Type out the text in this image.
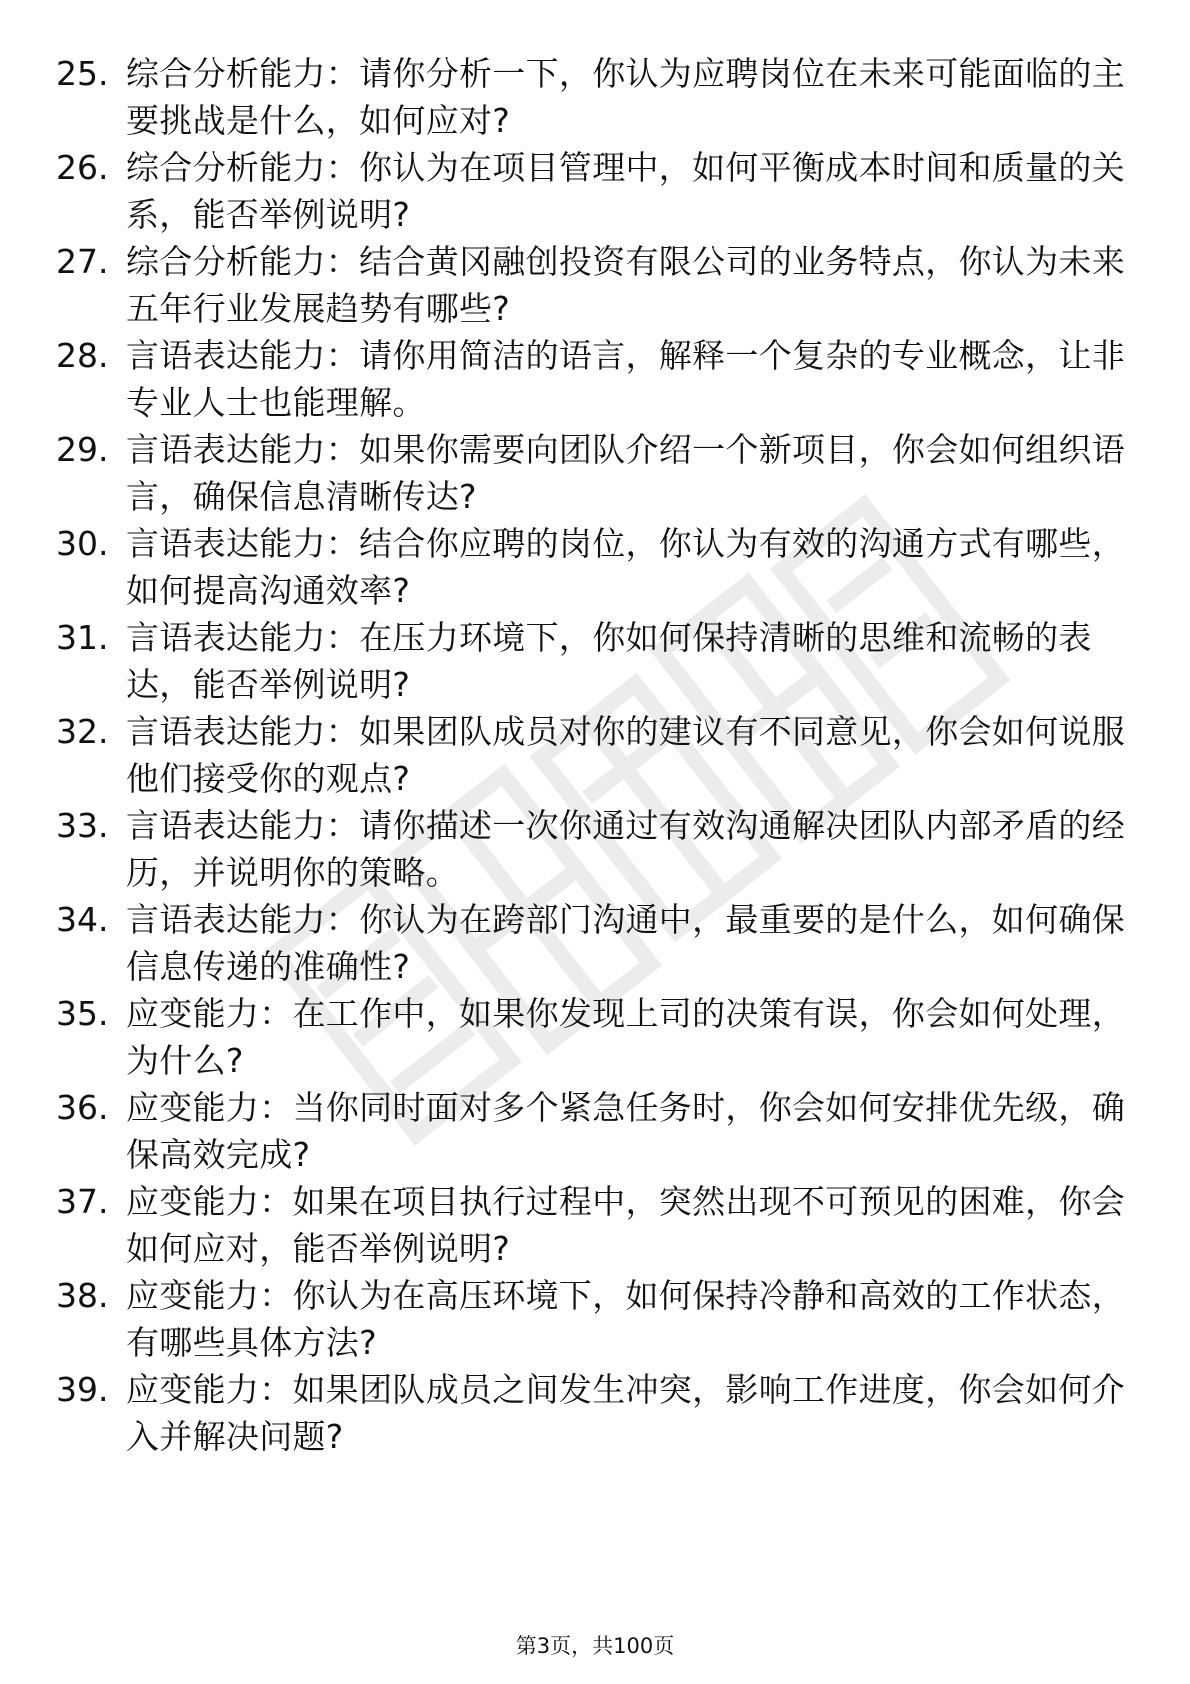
25. 综合分析能力：请你分析一下，你认为应聘岗位在未来可能面临的主要挑战是什么，如何应对?
26. 综合分析能力：你认为在项目管理中，如何平衡成本时间和质量的关系，能否举例说明?
27. 综合分析能力：结合黄冈融创投资有限公司的业务特点，你认为未来五年行业发展趋势有哪些?
28. 言语表达能力：请你用简洁的语言，解释一个复杂的专业概念，让非专业人士也能理解。
29. 言语表达能力：如果你需要向团队介绍一个新项目，你会如何组织语言，确保信息清晰传达?
30. 言语表达能力：结合你应聘的岗位，你认为有效的沟通方式有哪些，如何提高沟通效率?
31. 言语表达能力：在压力环境下，你如何保持清晰的思维和流畅的表达，能否举例说明?
32. 言语表达能力：如果团队成员对你的建议有不同意见，你会如何说服他们接受你的观点?
33. 言语表达能力：请你描述一次你通过有效沟通解决团队内部矛盾的经历，并说明你的策略。
34. 言语表达能力：你认为在跨部门沟通中，最重要的是什么，如何确保信息传递的准确性?
35. 应变能力：在工作中，如果你发现上司的决策有误，你会如何处理，为什么?
36. 应变能力：当你同时面对多个紧急任务时，你会如何安排优先级，确保高效完成?
37. 应变能力：如果在项目执行过程中，突然出现不可预见的困难，你会如何应对，能否举例说明?
38. 应变能力：你认为在高压环境下，如何保持冷静和高效的工作状态，有哪些具体方法?
39. 应变能力：如果团队成员之间发生冲突，影响工作进度，你会如何介入并解决问题?
第3页，共100页
